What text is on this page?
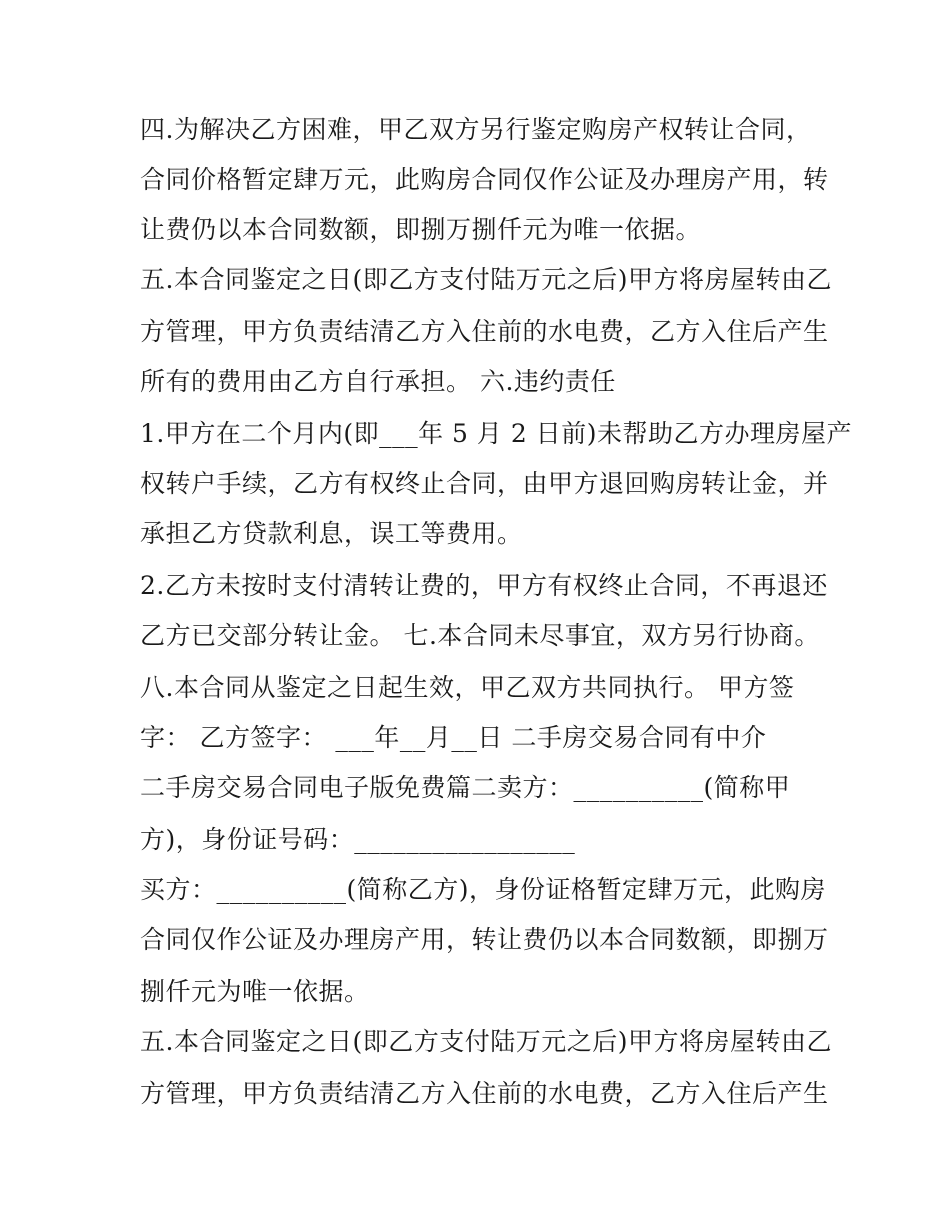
四.为解决乙方困难，甲乙双方另行鉴定购房产权转让合同，
合同价格暂定肆万元，此购房合同仅作公证及办理房产用，转
让费仍以本合同数额，即捌万捌仟元为唯一依据。
五.本合同鉴定之日(即乙方支付陆万元之后)甲方将房屋转由乙
方管理，甲方负责结清乙方入住前的水电费，乙方入住后产生
所有的费用由乙方自行承担。 六.违约责任
1.甲方在二个月内(即___年 5 月 2 日前)未帮助乙方办理房屋产
权转户手续，乙方有权终止合同，由甲方退回购房转让金，并
承担乙方贷款利息，误工等费用。
2.乙方未按时支付清转让费的，甲方有权终止合同，不再退还
乙方已交部分转让金。 七.本合同未尽事宜，双方另行协商。
八.本合同从鉴定之日起生效，甲乙双方共同执行。 甲方签
字： 乙方签字： ___年__月__日 二手房交易合同有中介
二手房交易合同电子版免费篇二卖方：__________(简称甲
方)，身份证号码：_________________
买方：__________(简称乙方)，身份证格暂定肆万元，此购房
合同仅作公证及办理房产用，转让费仍以本合同数额，即捌万
捌仟元为唯一依据。
五.本合同鉴定之日(即乙方支付陆万元之后)甲方将房屋转由乙
方管理，甲方负责结清乙方入住前的水电费，乙方入住后产生
